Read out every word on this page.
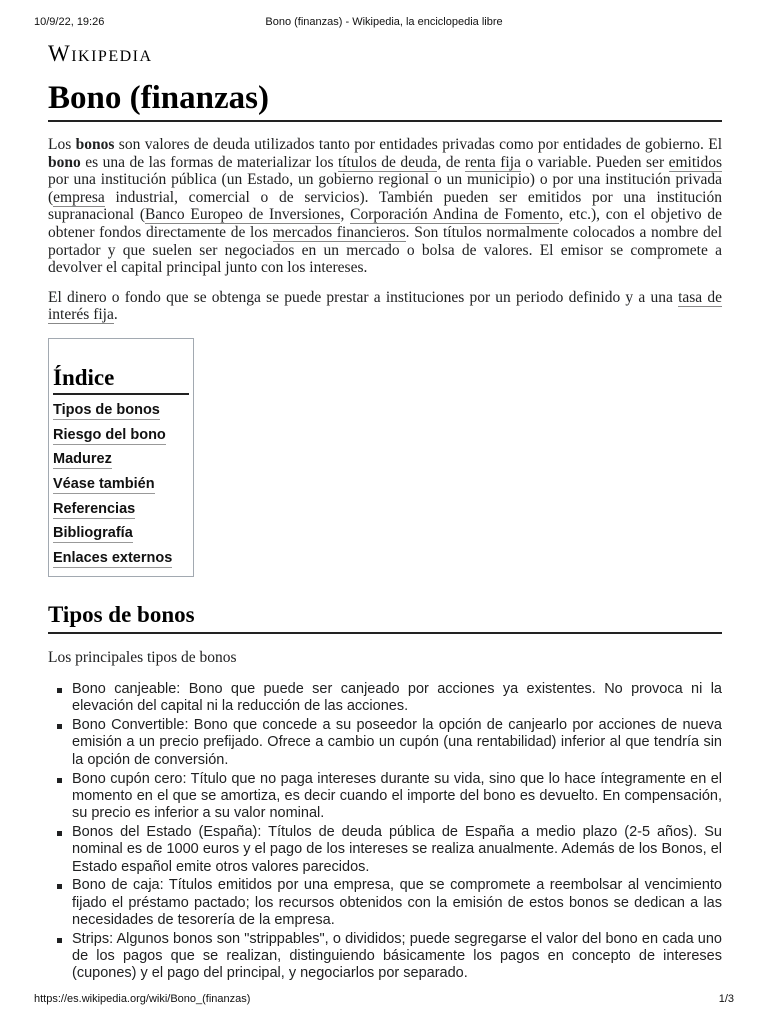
10/9/22, 19:26	Bono (finanzas) - Wikipedia, la enciclopedia libre
Wikipedia
Bono (finanzas)

Los bonos son valores de deuda utilizados tanto por entidades privadas como por entidades de gobierno. El bono es una de las formas de materializar los títulos de deuda, de renta fija o variable. Pueden ser emitidos por una institución pública (un Estado, un gobierno regional o un municipio) o por una institución privada (empresa industrial, comercial o de servicios). También pueden ser emitidos por una institución supranacional (Banco Europeo de Inversiones, Corporación Andina de Fomento, etc.), con el objetivo de obtener fondos directamente de los mercados financieros. Son títulos normalmente colocados a nombre del portador y que suelen ser negociados en un mercado o bolsa de valores. El emisor se compromete a devolver el capital principal junto con los intereses.

El dinero o fondo que se obtenga se puede prestar a instituciones por un periodo definido y a una tasa de interés fija.

Índice
Tipos de bonos
Riesgo del bono
Madurez
Véase también
Referencias
Bibliografía
Enlaces externos
Tipos de bonos

Los principales tipos de bonos

Bono canjeable: Bono que puede ser canjeado por acciones ya existentes. No provoca ni la elevación del capital ni la reducción de las acciones.
Bono Convertible: Bono que concede a su poseedor la opción de canjearlo por acciones de nueva emisión a un precio prefijado. Ofrece a cambio un cupón (una rentabilidad) inferior al que tendría sin la opción de conversión.
Bono cupón cero: Título que no paga intereses durante su vida, sino que lo hace íntegramente en el momento en el que se amortiza, es decir cuando el importe del bono es devuelto. En compensación, su precio es inferior a su valor nominal.
Bonos del Estado (España): Títulos de deuda pública de España a medio plazo (2-5 años). Su nominal es de 1000 euros y el pago de los intereses se realiza anualmente. Además de los Bonos, el Estado español emite otros valores parecidos.
Bono de caja: Títulos emitidos por una empresa, que se compromete a reembolsar al vencimiento fijado el préstamo pactado; los recursos obtenidos con la emisión de estos bonos se dedican a las necesidades de tesorería de la empresa.
Strips: Algunos bonos son "strippables", o divididos; puede segregarse el valor del bono en cada uno de los pagos que se realizan, distinguiendo básicamente los pagos en concepto de intereses (cupones) y el pago del principal, y negociarlos por separado.
https://es.wikipedia.org/wiki/Bono_(finanzas)	1/3
